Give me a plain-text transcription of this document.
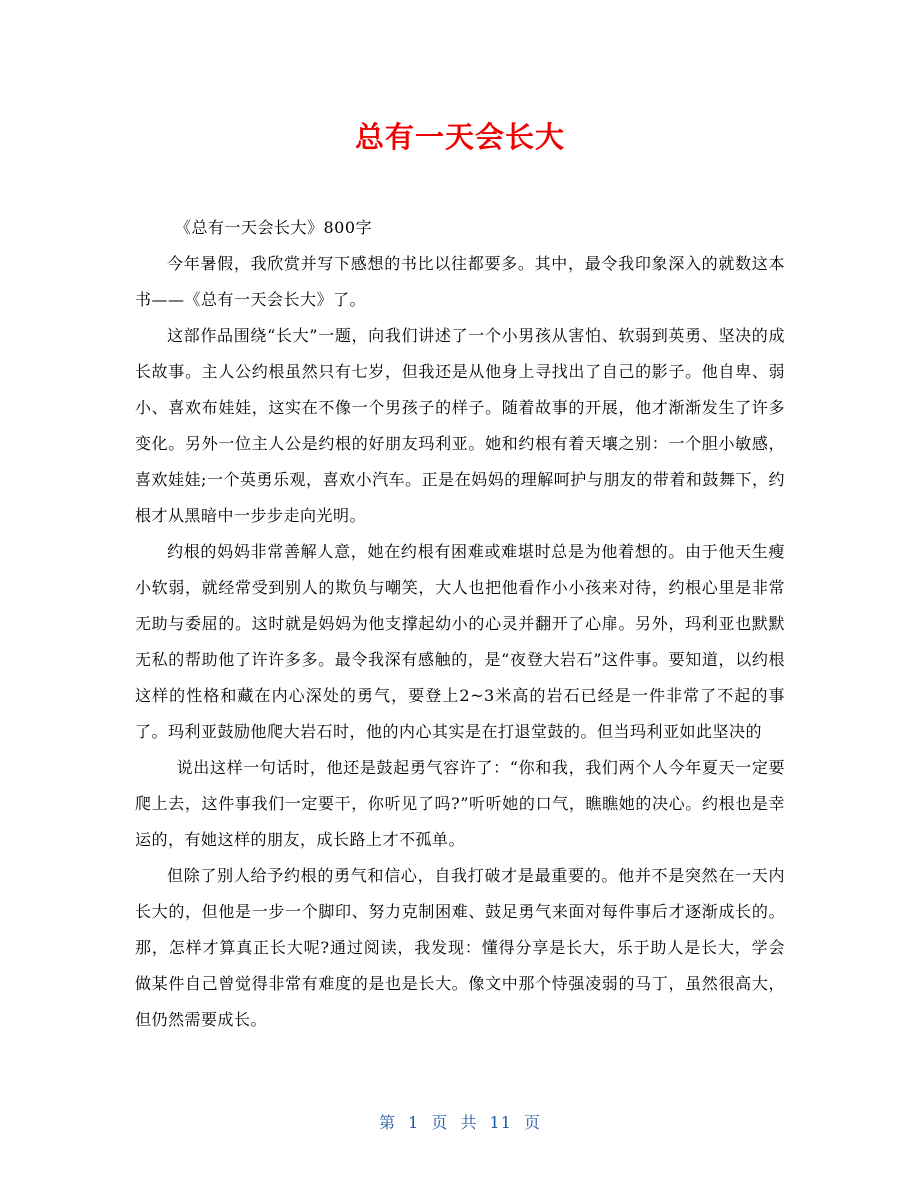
总有一天会长大

《总有一天会长大》800字

今年暑假，我欣赏并写下感想的书比以往都要多。其中，最令我印象深入的就数这本书——《总有一天会长大》了。

这部作品围绕“长大”一题，向我们讲述了一个小男孩从害怕、软弱到英勇、坚决的成长故事。主人公约根虽然只有七岁，但我还是从他身上寻找出了自己的影子。他自卑、弱小、喜欢布娃娃，这实在不像一个男孩子的样子。随着故事的开展，他才渐渐发生了许多变化。另外一位主人公是约根的好朋友玛利亚。她和约根有着天壤之别：一个胆小敏感，喜欢娃娃;一个英勇乐观，喜欢小汽车。正是在妈妈的理解呵护与朋友的带着和鼓舞下，约根才从黑暗中一步步走向光明。

约根的妈妈非常善解人意，她在约根有困难或难堪时总是为他着想的。由于他天生瘦小软弱，就经常受到别人的欺负与嘲笑，大人也把他看作小小孩来对待，约根心里是非常无助与委屈的。这时就是妈妈为他支撑起幼小的心灵并翻开了心扉。另外，玛利亚也默默无私的帮助他了许许多多。最令我深有感触的，是“夜登大岩石”这件事。要知道，以约根这样的性格和藏在内心深处的勇气，要登上2~3米高的岩石已经是一件非常了不起的事了。玛利亚鼓励他爬大岩石时，他的内心其实是在打退堂鼓的。但当玛利亚如此坚决的

说出这样一句话时，他还是鼓起勇气容许了：“你和我，我们两个人今年夏天一定要爬上去，这件事我们一定要干，你听见了吗?”听听她的口气，瞧瞧她的决心。约根也是幸运的，有她这样的朋友，成长路上才不孤单。

但除了别人给予约根的勇气和信心，自我打破才是最重要的。他并不是突然在一天内长大的，但他是一步一个脚印、努力克制困难、鼓足勇气来面对每件事后才逐渐成长的。那，怎样才算真正长大呢?通过阅读，我发现：懂得分享是长大，乐于助人是长大，学会做某件自己曾觉得非常有难度的是也是长大。像文中那个恃强凌弱的马丁，虽然很高大，但仍然需要成长。

第 1 页 共 11 页
